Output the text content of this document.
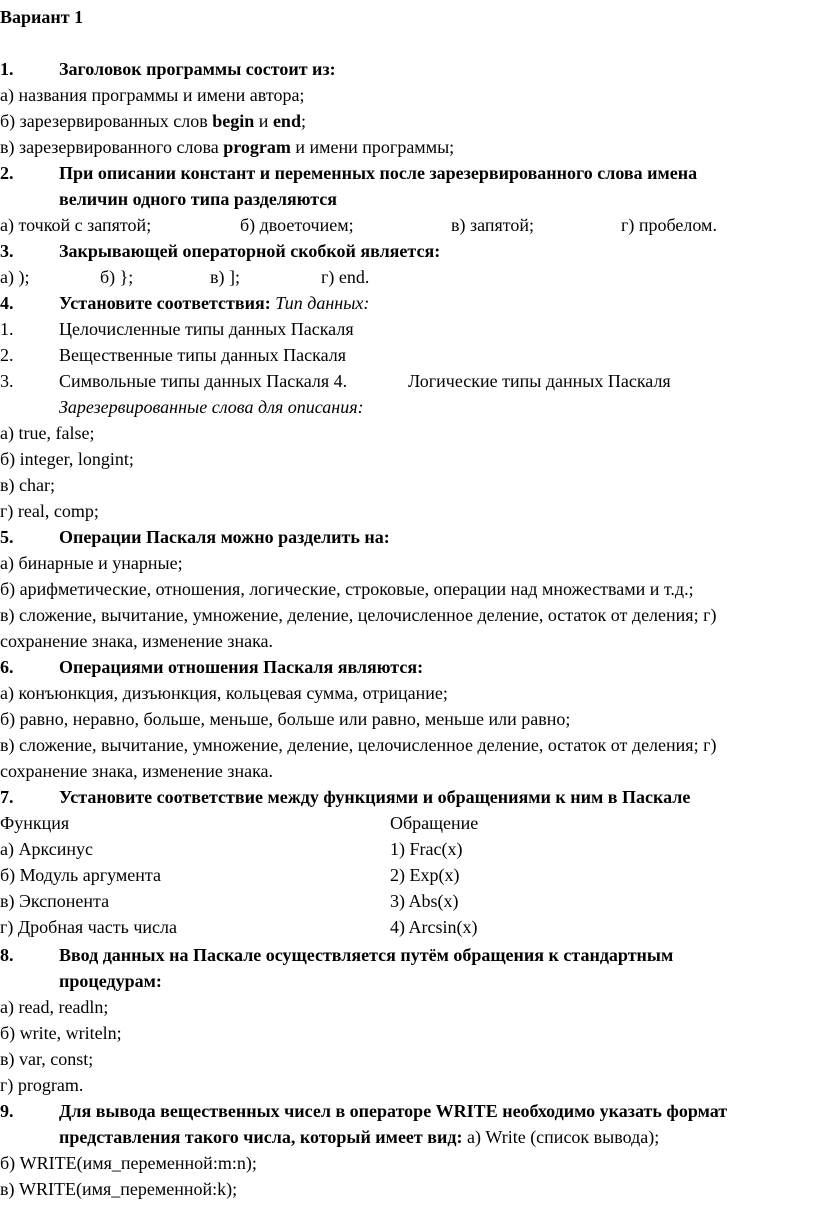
Вариант 1
1.	Заголовок программы состоит из:
а) названия программы и имени автора;
б) зарезервированных слов begin и end;
в) зарезервированного слова program и имени программы;
2.	При описании констант и переменных после зарезервированного слова имена
величин одного типа разделяются
а) точкой с запятой;	б) двоеточием;	в) запятой;	г) пробелом.
3.	Закрывающей операторной скобкой является:
а) );	б) };	в) ];	г) end.
4.	Установите соответствия: Тип данных:
1.	Целочисленные типы данных Паскаля
2.	Вещественные типы данных Паскаля
3.	Символьные типы данных Паскаля 4.	Логические типы данных Паскаля
Зарезервированные слова для описания:
а) true, false;
б) integer, longint;
в) char;
г) real, comp;
5.	Операции Паскаля можно разделить на:
а) бинарные и унарные;
б) арифметические, отношения, логические, строковые, операции над множествами и т.д.;
в) сложение, вычитание, умножение, деление, целочисленное деление, остаток от деления; г)
сохранение знака, изменение знака.
6.	Операциями отношения Паскаля являются:
а) конъюнкция, дизъюнкция, кольцевая сумма, отрицание;
б) равно, неравно, больше, меньше, больше или равно, меньше или равно;
в) сложение, вычитание, умножение, деление, целочисленное деление, остаток от деления; г)
сохранение знака, изменение знака.
7.	Установите соответствие между функциями и обращениями к ним в Паскале
Функция	Обращение
а) Арксинус	1) Frac(x)
б) Модуль аргумента	2) Exp(x)
в) Экспонента	3) Abs(x)
г) Дробная часть числа	4) Arcsin(x)
8.	Ввод данных на Паскале осуществляется путём обращения к стандартным
процедурам:
а) read, readln;
б) write, writeln;
в) var, const;
г) program.
9.	Для вывода вещественных чисел в операторе WRITE необходимо указать формат
представления такого числа, который имеет вид: а) Write (список вывода);
б) WRITE(имя_переменной:m:n);
в) WRITE(имя_переменной:k);
